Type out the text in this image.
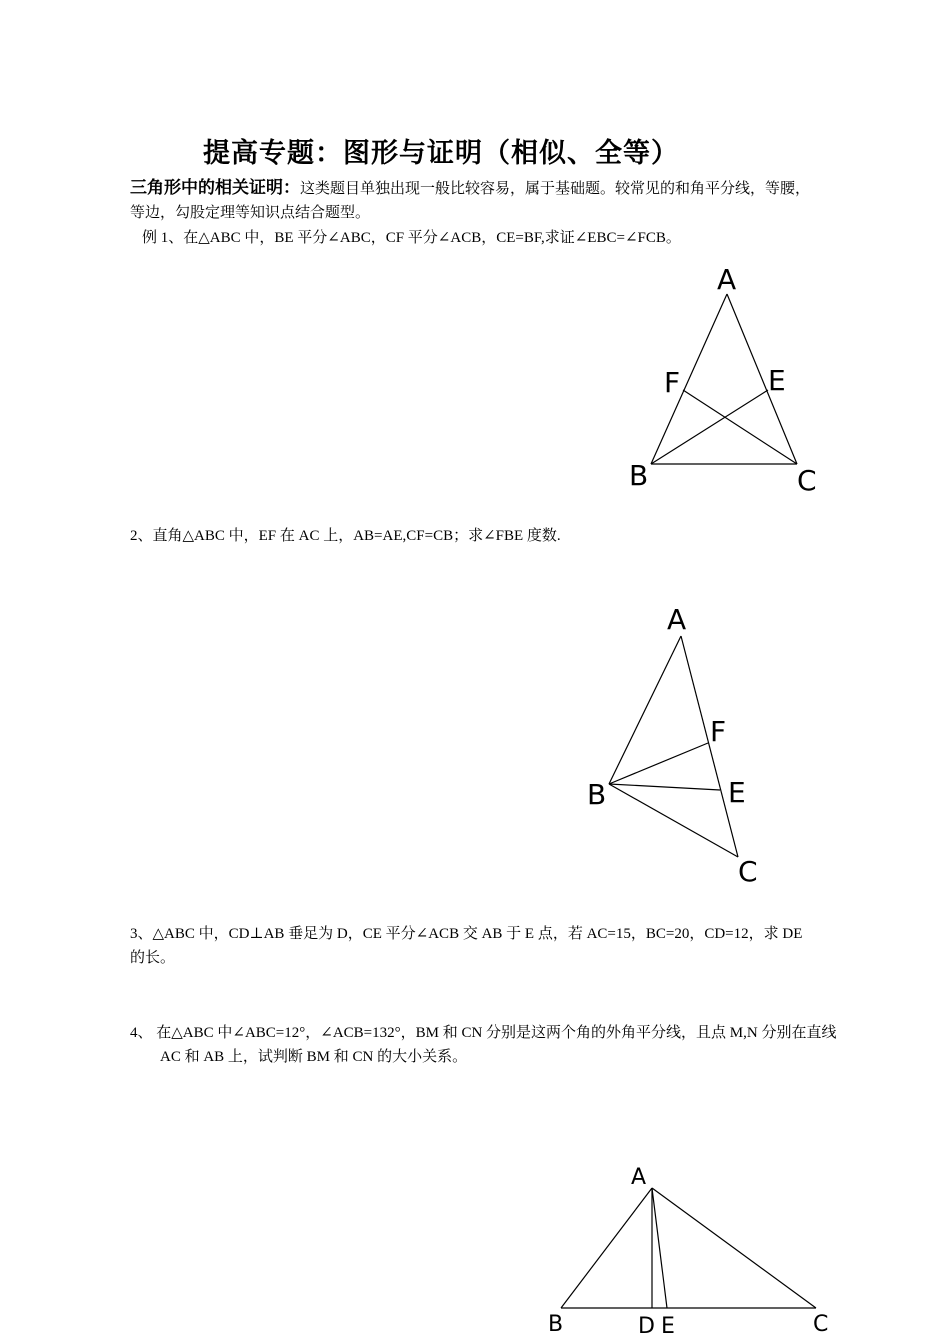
提高专题：图形与证明（相似、全等）
三角形中的相关证明：这类题目单独出现一般比较容易，属于基础题。较常见的和角平分线，等腰，等边，勾股定理等知识点结合题型。
例 1、在△ABC 中，BE 平分∠ABC，CF 平分∠ACB，CE=BF,求证∠EBC=∠FCB。
A
F	E
B	C
2、直角△ABC 中，EF 在 AC 上，AB=AE,CF=CB；求∠FBE 度数.
A
F
B	E
C
3、△ABC 中，CD⊥AB 垂足为 D，CE 平分∠ACB 交 AB 于 E 点，若 AC=15，BC=20，CD=12，求 DE 的长。
4、 在△ABC 中∠ABC=12°，∠ACB=132°，BM 和 CN 分别是这两个角的外角平分线，且点 M,N 分别在直线 AC 和 AB 上，试判断 BM 和 CN 的大小关系。
A
B	D E	C
